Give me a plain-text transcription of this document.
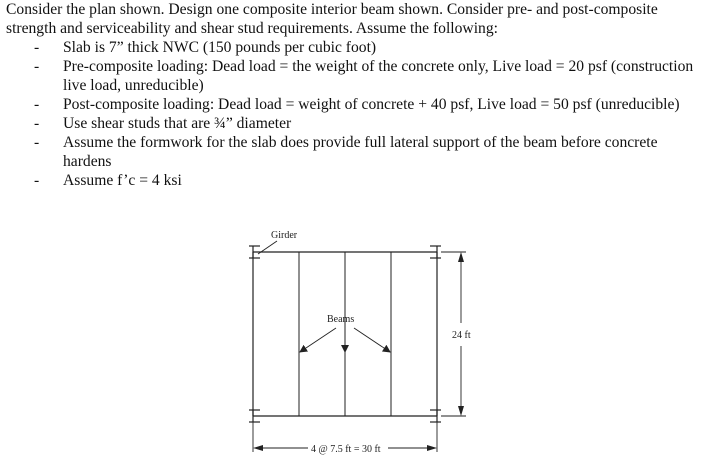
Consider the plan shown. Design one composite interior beam shown. Consider pre- and post-composite strength and serviceability and shear stud requirements. Assume the following:

- Slab is 7” thick NWC (150 pounds per cubic foot)
- Pre-composite loading: Dead load = the weight of the concrete only, Live load = 20 psf (construction live load, unreducible)
- Post-composite loading: Dead load = weight of concrete + 40 psf, Live load = 50 psf (unreducible)
- Use shear studs that are ¾” diameter
- Assume the formwork for the slab does provide full lateral support of the beam before concrete hardens
- Assume f’c = 4 ksi
Girder
Beams
24 ft
4 @ 7.5 ft = 30 ft
